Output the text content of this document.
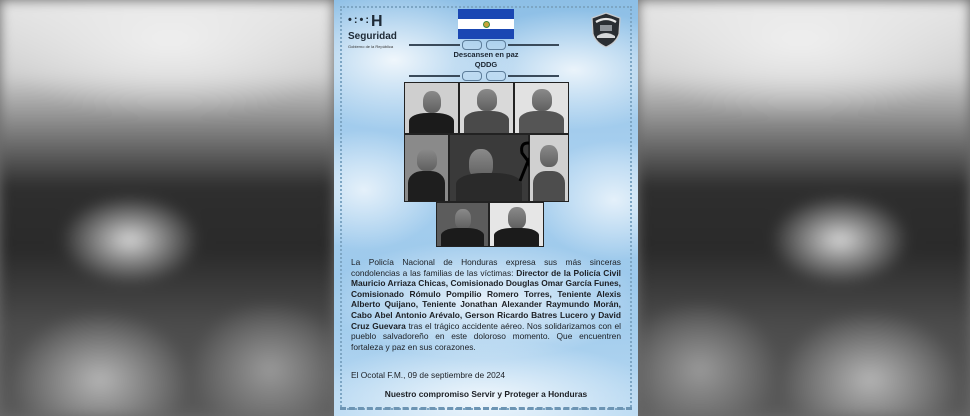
•:•:H
Seguridad
Gobierno de la República
Descansen en paz
QDDG
La Policía Nacional de Honduras expresa sus más sinceras condolencias a las familias de las víctimas: Director de la Policía Civil Mauricio Arriaza Chicas, Comisionado Douglas Omar García Funes, Comisionado Rómulo Pompilio Romero Torres, Teniente Alexis Alberto Quijano, Teniente Jonathan Alexander Raymundo Morán, Cabo Abel Antonio Arévalo, Gerson Ricardo Batres Lucero y David Cruz Guevara tras el trágico accidente aéreo. Nos solidarizamos con el pueblo salvadoreño en este doloroso momento. Que encuentren fortaleza y paz en sus corazones.
El Ocotal F.M., 09 de septiembre de 2024
Nuestro compromiso Servir y Proteger a Honduras
